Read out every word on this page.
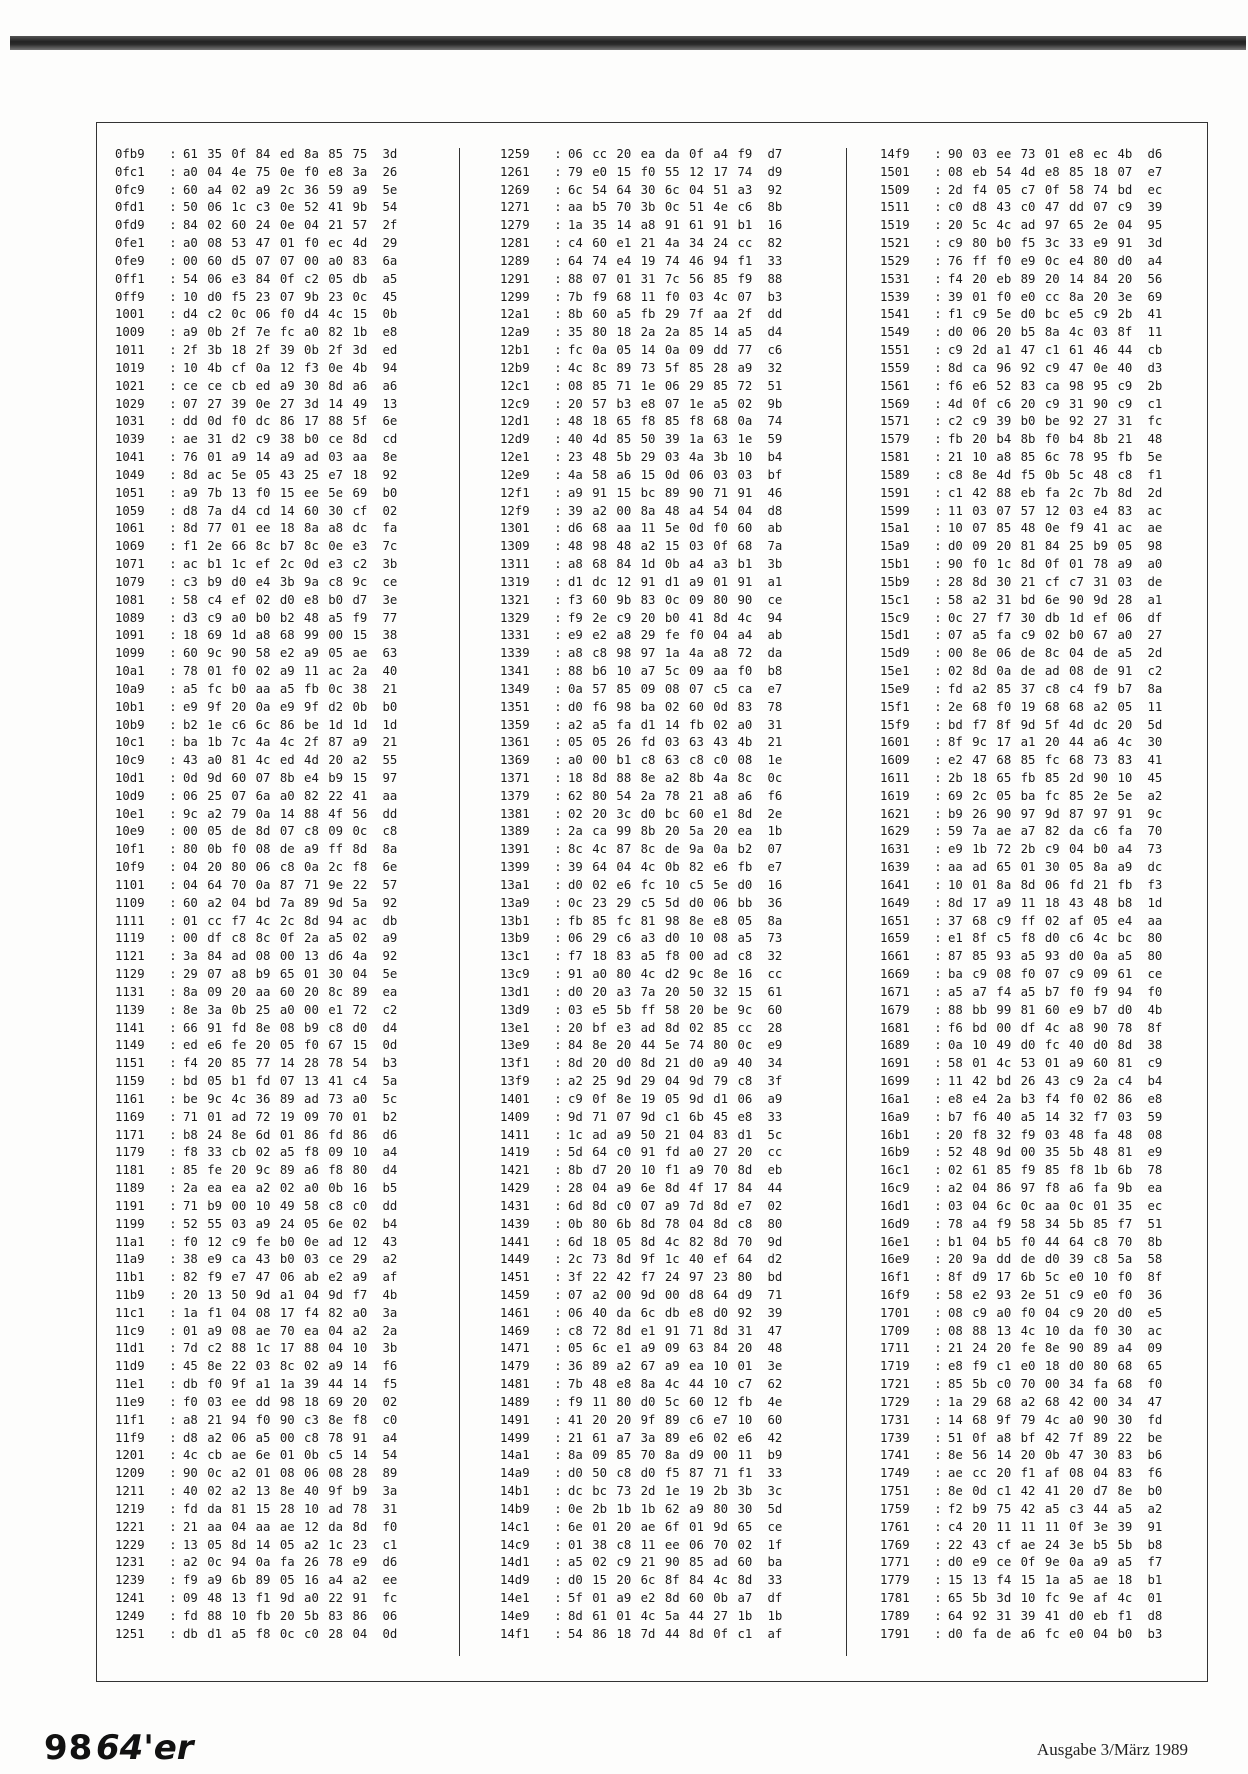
0fb9 : 61 35 0f 84 ed 8a 85 75 3d
0fc1 : a0 04 4e 75 0e f0 e8 3a 26
0fc9 : 60 a4 02 a9 2c 36 59 a9 5e
0fd1 : 50 06 1c c3 0e 52 41 9b 54
0fd9 : 84 02 60 24 0e 04 21 57 2f
0fe1 : a0 08 53 47 01 f0 ec 4d 29
0fe9 : 00 60 d5 07 07 00 a0 83 6a
0ff1 : 54 06 e3 84 0f c2 05 db a5
0ff9 : 10 d0 f5 23 07 9b 23 0c 45
1001 : d4 c2 0c 06 f0 d4 4c 15 0b
1009 : a9 0b 2f 7e fc a0 82 1b e8
1011 : 2f 3b 18 2f 39 0b 2f 3d ed
1019 : 10 4b cf 0a 12 f3 0e 4b 94
1021 : ce ce cb ed a9 30 8d a6 a6
1029 : 07 27 39 0e 27 3d 14 49 13
1031 : dd 0d f0 dc 86 17 88 5f 6e
1039 : ae 31 d2 c9 38 b0 ce 8d cd
1041 : 76 01 a9 14 a9 ad 03 aa 8e
1049 : 8d ac 5e 05 43 25 e7 18 92
1051 : a9 7b 13 f0 15 ee 5e 69 b0
1059 : d8 7a d4 cd 14 60 30 cf 02
1061 : 8d 77 01 ee 18 8a a8 dc fa
1069 : f1 2e 66 8c b7 8c 0e e3 7c
1071 : ac b1 1c ef 2c 0d e3 c2 3b
1079 : c3 b9 d0 e4 3b 9a c8 9c ce
1081 : 58 c4 ef 02 d0 e8 b0 d7 3e
1089 : d3 c9 a0 b0 b2 48 a5 f9 77
1091 : 18 69 1d a8 68 99 00 15 38
1099 : 60 9c 90 58 e2 a9 05 ae 63
10a1 : 78 01 f0 02 a9 11 ac 2a 40
10a9 : a5 fc b0 aa a5 fb 0c 38 21
10b1 : e9 9f 20 0a e9 9f d2 0b b0
10b9 : b2 1e c6 6c 86 be 1d 1d 1d
10c1 : ba 1b 7c 4a 4c 2f 87 a9 21
10c9 : 43 a0 81 4c ed 4d 20 a2 55
10d1 : 0d 9d 60 07 8b e4 b9 15 97
10d9 : 06 25 07 6a a0 82 22 41 aa
10e1 : 9c a2 79 0a 14 88 4f 56 dd
10e9 : 00 05 de 8d 07 c8 09 0c c8
10f1 : 80 0b f0 08 de a9 ff 8d 8a
10f9 : 04 20 80 06 c8 0a 2c f8 6e
1101 : 04 64 70 0a 87 71 9e 22 57
1109 : 60 a2 04 bd 7a 89 9d 5a 92
1111 : 01 cc f7 4c 2c 8d 94 ac db
1119 : 00 df c8 8c 0f 2a a5 02 a9
1121 : 3a 84 ad 08 00 13 d6 4a 92
1129 : 29 07 a8 b9 65 01 30 04 5e
1131 : 8a 09 20 aa 60 20 8c 89 ea
1139 : 8e 3a 0b 25 a0 00 e1 72 c2
1141 : 66 91 fd 8e 08 b9 c8 d0 d4
1149 : ed e6 fe 20 05 f0 67 15 0d
1151 : f4 20 85 77 14 28 78 54 b3
1159 : bd 05 b1 fd 07 13 41 c4 5a
1161 : be 9c 4c 36 89 ad 73 a0 5c
1169 : 71 01 ad 72 19 09 70 01 b2
1171 : b8 24 8e 6d 01 86 fd 86 d6
1179 : f8 33 cb 02 a5 f8 09 10 a4
1181 : 85 fe 20 9c 89 a6 f8 80 d4
1189 : 2a ea ea a2 02 a0 0b 16 b5
1191 : 71 b9 00 10 49 58 c8 c0 dd
1199 : 52 55 03 a9 24 05 6e 02 b4
11a1 : f0 12 c9 fe b0 0e ad 12 43
11a9 : 38 e9 ca 43 b0 03 ce 29 a2
11b1 : 82 f9 e7 47 06 ab e2 a9 af
11b9 : 20 13 50 9d a1 04 9d f7 4b
11c1 : 1a f1 04 08 17 f4 82 a0 3a
11c9 : 01 a9 08 ae 70 ea 04 a2 2a
11d1 : 7d c2 88 1c 17 88 04 10 3b
11d9 : 45 8e 22 03 8c 02 a9 14 f6
11e1 : db f0 9f a1 1a 39 44 14 f5
11e9 : f0 03 ee dd 98 18 69 20 02
11f1 : a8 21 94 f0 90 c3 8e f8 c0
11f9 : d8 a2 06 a5 00 c8 78 91 a4
1201 : 4c cb ae 6e 01 0b c5 14 54
1209 : 90 0c a2 01 08 06 08 28 89
1211 : 40 02 a2 13 8e 40 9f b9 3a
1219 : fd da 81 15 28 10 ad 78 31
1221 : 21 aa 04 aa ae 12 da 8d f0
1229 : 13 05 8d 14 05 a2 1c 23 c1
1231 : a2 0c 94 0a fa 26 78 e9 d6
1239 : f9 a9 6b 89 05 16 a4 a2 ee
1241 : 09 48 13 f1 9d a0 22 91 fc
1249 : fd 88 10 fb 20 5b 83 86 06
1251 : db d1 a5 f8 0c c0 28 04 0d
1259 : 06 cc 20 ea da 0f a4 f9 d7
1261 : 79 e0 15 f0 55 12 17 74 d9
1269 : 6c 54 64 30 6c 04 51 a3 92
1271 : aa b5 70 3b 0c 51 4e c6 8b
1279 : 1a 35 14 a8 91 61 91 b1 16
1281 : c4 60 e1 21 4a 34 24 cc 82
1289 : 64 74 e4 19 74 46 94 f1 33
1291 : 88 07 01 31 7c 56 85 f9 88
1299 : 7b f9 68 11 f0 03 4c 07 b3
12a1 : 8b 60 a5 fb 29 7f aa 2f dd
12a9 : 35 80 18 2a 2a 85 14 a5 d4
12b1 : fc 0a 05 14 0a 09 dd 77 c6
12b9 : 4c 8c 89 73 5f 85 28 a9 32
12c1 : 08 85 71 1e 06 29 85 72 51
12c9 : 20 57 b3 e8 07 1e a5 02 9b
12d1 : 48 18 65 f8 85 f8 68 0a 74
12d9 : 40 4d 85 50 39 1a 63 1e 59
12e1 : 23 48 5b 29 03 4a 3b 10 b4
12e9 : 4a 58 a6 15 0d 06 03 03 bf
12f1 : a9 91 15 bc 89 90 71 91 46
12f9 : 39 a2 00 8a 48 a4 54 04 d8
1301 : d6 68 aa 11 5e 0d f0 60 ab
1309 : 48 98 48 a2 15 03 0f 68 7a
1311 : a8 68 84 1d 0b a4 a3 b1 3b
1319 : d1 dc 12 91 d1 a9 01 91 a1
1321 : f3 60 9b 83 0c 09 80 90 ce
1329 : f9 2e c9 20 b0 41 8d 4c 94
1331 : e9 e2 a8 29 fe f0 04 a4 ab
1339 : a8 c8 98 97 1a 4a a8 72 da
1341 : 88 b6 10 a7 5c 09 aa f0 b8
1349 : 0a 57 85 09 08 07 c5 ca e7
1351 : d0 f6 98 ba 02 60 0d 83 78
1359 : a2 a5 fa d1 14 fb 02 a0 31
1361 : 05 05 26 fd 03 63 43 4b 21
1369 : a0 00 b1 c8 63 c8 c0 08 1e
1371 : 18 8d 88 8e a2 8b 4a 8c 0c
1379 : 62 80 54 2a 78 21 a8 a6 f6
1381 : 02 20 3c d0 bc 60 e1 8d 2e
1389 : 2a ca 99 8b 20 5a 20 ea 1b
1391 : 8c 4c 87 8c de 9a 0a b2 07
1399 : 39 64 04 4c 0b 82 e6 fb e7
13a1 : d0 02 e6 fc 10 c5 5e d0 16
13a9 : 0c 23 29 c5 5d d0 06 bb 36
13b1 : fb 85 fc 81 98 8e e8 05 8a
13b9 : 06 29 c6 a3 d0 10 08 a5 73
13c1 : f7 18 83 a5 f8 00 ad c8 32
13c9 : 91 a0 80 4c d2 9c 8e 16 cc
13d1 : d0 20 a3 7a 20 50 32 15 61
13d9 : 03 e5 5b ff 58 20 be 9c 60
13e1 : 20 bf e3 ad 8d 02 85 cc 28
13e9 : 84 8e 20 44 5e 74 80 0c e9
13f1 : 8d 20 d0 8d 21 d0 a9 40 34
13f9 : a2 25 9d 29 04 9d 79 c8 3f
1401 : c9 0f 8e 19 05 9d d1 06 a9
1409 : 9d 71 07 9d c1 6b 45 e8 33
1411 : 1c ad a9 50 21 04 83 d1 5c
1419 : 5d 64 c0 91 fd a0 27 20 cc
1421 : 8b d7 20 10 f1 a9 70 8d eb
1429 : 28 04 a9 6e 8d 4f 17 84 44
1431 : 6d 8d c0 07 a9 7d 8d e7 02
1439 : 0b 80 6b 8d 78 04 8d c8 80
1441 : 6d 18 05 8d 4c 82 8d 70 9d
1449 : 2c 73 8d 9f 1c 40 ef 64 d2
1451 : 3f 22 42 f7 24 97 23 80 bd
1459 : 07 a2 00 9d 00 d8 64 d9 71
1461 : 06 40 da 6c db e8 d0 92 39
1469 : c8 72 8d e1 91 71 8d 31 47
1471 : 05 6c e1 a9 09 63 84 20 48
1479 : 36 89 a2 67 a9 ea 10 01 3e
1481 : 7b 48 e8 8a 4c 44 10 c7 62
1489 : f9 11 80 d0 5c 60 12 fb 4e
1491 : 41 20 20 9f 89 c6 e7 10 60
1499 : 21 61 a7 3a 89 e6 02 e6 42
14a1 : 8a 09 85 70 8a d9 00 11 b9
14a9 : d0 50 c8 d0 f5 87 71 f1 33
14b1 : dc bc 73 2d 1e 19 2b 3b 3c
14b9 : 0e 2b 1b 1b 62 a9 80 30 5d
14c1 : 6e 01 20 ae 6f 01 9d 65 ce
14c9 : 01 38 c8 11 ee 06 70 02 1f
14d1 : a5 02 c9 21 90 85 ad 60 ba
14d9 : d0 15 20 6c 8f 84 4c 8d 33
14e1 : 5f 01 a9 e2 8d 60 0b a7 df
14e9 : 8d 61 01 4c 5a 44 27 1b 1b
14f1 : 54 86 18 7d 44 8d 0f c1 af
14f9 : 90 03 ee 73 01 e8 ec 4b d6
1501 : 08 eb 54 4d e8 85 18 07 e7
1509 : 2d f4 05 c7 0f 58 74 bd ec
1511 : c0 d8 43 c0 47 dd 07 c9 39
1519 : 20 5c 4c ad 97 65 2e 04 95
1521 : c9 80 b0 f5 3c 33 e9 91 3d
1529 : 76 ff f0 e9 0c e4 80 d0 a4
1531 : f4 20 eb 89 20 14 84 20 56
1539 : 39 01 f0 e0 cc 8a 20 3e 69
1541 : f1 c9 5e d0 bc e5 c9 2b 41
1549 : d0 06 20 b5 8a 4c 03 8f 11
1551 : c9 2d a1 47 c1 61 46 44 cb
1559 : 8d ca 96 92 c9 47 0e 40 d3
1561 : f6 e6 52 83 ca 98 95 c9 2b
1569 : 4d 0f c6 20 c9 31 90 c9 c1
1571 : c2 c9 39 b0 be 92 27 31 fc
1579 : fb 20 b4 8b f0 b4 8b 21 48
1581 : 21 10 a8 85 6c 78 95 fb 5e
1589 : c8 8e 4d f5 0b 5c 48 c8 f1
1591 : c1 42 88 eb fa 2c 7b 8d 2d
1599 : 11 03 07 57 12 03 e4 83 ac
15a1 : 10 07 85 48 0e f9 41 ac ae
15a9 : d0 09 20 81 84 25 b9 05 98
15b1 : 90 f0 1c 8d 0f 01 78 a9 a0
15b9 : 28 8d 30 21 cf c7 31 03 de
15c1 : 58 a2 31 bd 6e 90 9d 28 a1
15c9 : 0c 27 f7 30 db 1d ef 06 df
15d1 : 07 a5 fa c9 02 b0 67 a0 27
15d9 : 00 8e 06 de 8c 04 de a5 2d
15e1 : 02 8d 0a de ad 08 de 91 c2
15e9 : fd a2 85 37 c8 c4 f9 b7 8a
15f1 : 2e 68 f0 19 68 68 a2 05 11
15f9 : bd f7 8f 9d 5f 4d dc 20 5d
1601 : 8f 9c 17 a1 20 44 a6 4c 30
1609 : e2 47 68 85 fc 68 73 83 41
1611 : 2b 18 65 fb 85 2d 90 10 45
1619 : 69 2c 05 ba fc 85 2e 5e a2
1621 : b9 26 90 97 9d 87 97 91 9c
1629 : 59 7a ae a7 82 da c6 fa 70
1631 : e9 1b 72 2b c9 04 b0 a4 73
1639 : aa ad 65 01 30 05 8a a9 dc
1641 : 10 01 8a 8d 06 fd 21 fb f3
1649 : 8d 17 a9 11 18 43 48 b8 1d
1651 : 37 68 c9 ff 02 af 05 e4 aa
1659 : e1 8f c5 f8 d0 c6 4c bc 80
1661 : 87 85 93 a5 93 d0 0a a5 80
1669 : ba c9 08 f0 07 c9 09 61 ce
1671 : a5 a7 f4 a5 b7 f0 f9 94 f0
1679 : 88 bb 99 81 60 e9 b7 d0 4b
1681 : f6 bd 00 df 4c a8 90 78 8f
1689 : 0a 10 49 d0 fc 40 d0 8d 38
1691 : 58 01 4c 53 01 a9 60 81 c9
1699 : 11 42 bd 26 43 c9 2a c4 b4
16a1 : e8 e4 2a b3 f4 f0 02 86 e8
16a9 : b7 f6 40 a5 14 32 f7 03 59
16b1 : 20 f8 32 f9 03 48 fa 48 08
16b9 : 52 48 9d 00 35 5b 48 81 e9
16c1 : 02 61 85 f9 85 f8 1b 6b 78
16c9 : a2 04 86 97 f8 a6 fa 9b ea
16d1 : 03 04 6c 0c aa 0c 01 35 ec
16d9 : 78 a4 f9 58 34 5b 85 f7 51
16e1 : b1 04 b5 f0 44 64 c8 70 8b
16e9 : 20 9a dd de d0 39 c8 5a 58
16f1 : 8f d9 17 6b 5c e0 10 f0 8f
16f9 : 58 e2 93 2e 51 c9 e0 f0 36
1701 : 08 c9 a0 f0 04 c9 20 d0 e5
1709 : 08 88 13 4c 10 da f0 30 ac
1711 : 21 24 20 fe 8e 90 89 a4 09
1719 : e8 f9 c1 e0 18 d0 80 68 65
1721 : 85 5b c0 70 00 34 fa 68 f0
1729 : 1a 29 68 a2 68 42 00 34 47
1731 : 14 68 9f 79 4c a0 90 30 fd
1739 : 51 0f a8 bf 42 7f 89 22 be
1741 : 8e 56 14 20 0b 47 30 83 b6
1749 : ae cc 20 f1 af 08 04 83 f6
1751 : 8e 0d c1 42 41 20 d7 8e b0
1759 : f2 b9 75 42 a5 c3 44 a5 a2
1761 : c4 20 11 11 11 0f 3e 39 91
1769 : 22 43 cf ae 24 3e b5 5b b8
1771 : d0 e9 ce 0f 9e 0a a9 a5 f7
1779 : 15 13 f4 15 1a a5 ae 18 b1
1781 : 65 5b 3d 10 fc 9e af 4c 01
1789 : 64 92 31 39 41 d0 eb f1 d8
1791 : d0 fa de a6 fc e0 04 b0 b3
98 64'er	Ausgabe 3/März 1989
